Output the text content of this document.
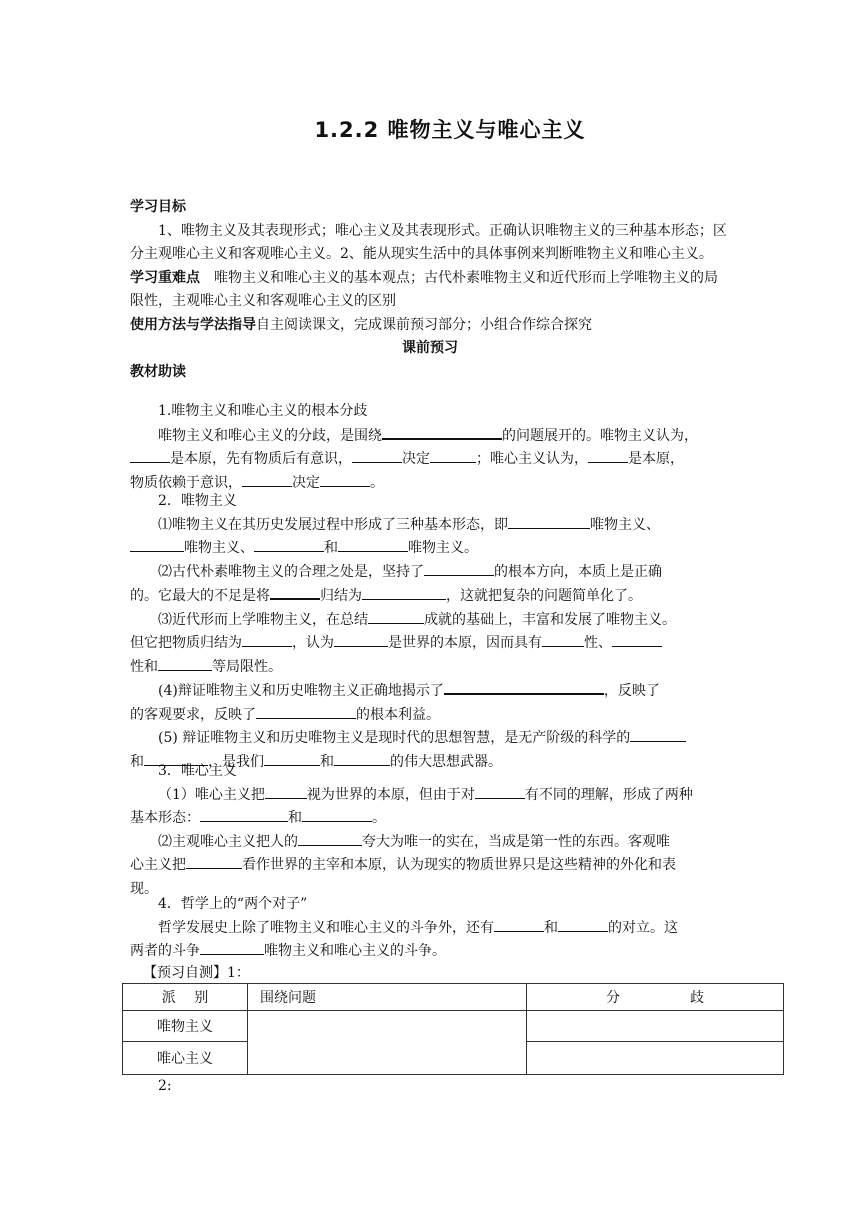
1.2.2 唯物主义与唯心主义
学习目标
1、唯物主义及其表现形式；唯心主义及其表现形式。正确认识唯物主义的三种基本形态；区分主观唯心主义和客观唯心主义。2、能从现实生活中的具体事例来判断唯物主义和唯心主义。
学习重难点　 唯物主义和唯心主义的基本观点；古代朴素唯物主义和近代形而上学唯物主义的局限性，主观唯心主义和客观唯心主义的区别
使用方法与学法指导自主阅读课文，完成课前预习部分；小组合作综合探究
课前预习
教材助读
1.唯物主义和唯心主义的根本分歧
唯物主义和唯心主义的分歧，是围绕	的问题展开的。唯物主义认为，
是本原，先有物质后有意识，	决定	；唯心主义认为，	是本原，
物质依赖于意识，	决定	。
2．唯物主义
⑴唯物主义在其历史发展过程中形成了三种基本形态，即	唯物主义、
唯物主义、	和	唯物主义。
⑵古代朴素唯物主义的合理之处是，坚持了	的根本方向，本质上是正确
的。它最大的不足是将	归结为	，这就把复杂的问题简单化了。
⑶近代形而上学唯物主义，在总结	成就的基础上，丰富和发展了唯物主义。
但它把物质归结为	，认为	是世界的本原，因而具有	性、
性和	等局限性。
(4)辩证唯物主义和历史唯物主义正确地揭示了	，反映了
的客观要求，反映了	的根本利益。
(5) 辩证唯物主义和历史唯物主义是现时代的思想智慧，是无产阶级的科学的
和	，是我们	和	的伟大思想武器。
3．唯心主义
（1）唯心主义把	视为世界的本原，但由于对	有不同的理解，形成了两种
基本形态：	和	。
⑵主观唯心主义把人的	夸大为唯一的实在，当成是第一性的东西。客观唯
心主义把	看作世界的主宰和本原，认为现实的物质世界只是这些精神的外化和表
现。
4．哲学上的“两个对子”
哲学发展史上除了唯物主义和唯心主义的斗争外，还有	和	的对立。这
两者的斗争	唯物主义和唯心主义的斗争。
【预习自测】1：
派　 别	围绕问题	分　　　　　歧
唯物主义		
唯心主义		
2:
